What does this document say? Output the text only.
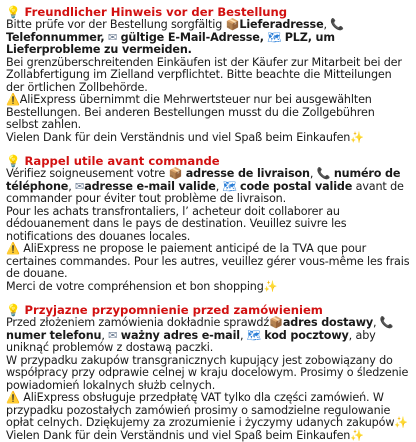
💡 Freundlicher Hinweis vor der Bestellung

Bitte prüfe vor der Bestellung sorgfältig 📦Lieferadresse, 📞Telefonnummer, ✉ gültige E-Mail-Adresse, 🗺 PLZ, um Lieferprobleme zu vermeiden.

Bei grenzüberschreitenden Einkäufen ist der Käufer zur Mitarbeit bei der Zollabfertigung im Zielland verpflichtet. Bitte beachte die Mitteilungen der örtlichen Zollbehörde.

⚠️AliExpress übernimmt die Mehrwertsteuer nur bei ausgewählten Bestellungen. Bei anderen Bestellungen musst du die Zollgebühren selbst zahlen.

Vielen Dank für dein Verständnis und viel Spaß beim Einkaufen✨

💡 Rappel utile avant commande

Vérifiez soigneusement votre 📦 adresse de livraison, 📞 numéro de téléphone, ✉adresse e-mail valide, 🗺 code postal valide avant de commander pour éviter tout problème de livraison.

Pour les achats transfrontaliers, l’ acheteur doit collaborer au dédouanement dans le pays de destination. Veuillez suivre les notifications des douanes locales.

⚠️ AliExpress ne propose le paiement anticipé de la TVA que pour certaines commandes. Pour les autres, veuillez gérer vous-même les frais de douane.

Merci de votre compréhension et bon shopping✨

💡 Przyjazne przypomnienie przed zamówieniem

Przed złożeniem zamówienia dokładnie sprawdź📦adres dostawy, 📞 numer telefonu, ✉ ważny adres e-mail, 🗺 kod pocztowy, aby uniknąć problemów z dostawą paczki.

W przypadku zakupów transgranicznych kupujący jest zobowiązany do współpracy przy odprawie celnej w kraju docelowym. Prosimy o śledzenie powiadomień lokalnych służb celnych.

⚠️ AliExpress obsługuje przedpłatę VAT tylko dla części zamówień. W przypadku pozostałych zamówień prosimy o samodzielne regulowanie opłat celnych. Dziękujemy za zrozumienie i życzymy udanych zakupów✨

Vielen Dank für dein Verständnis und viel Spaß beim Einkaufen✨
